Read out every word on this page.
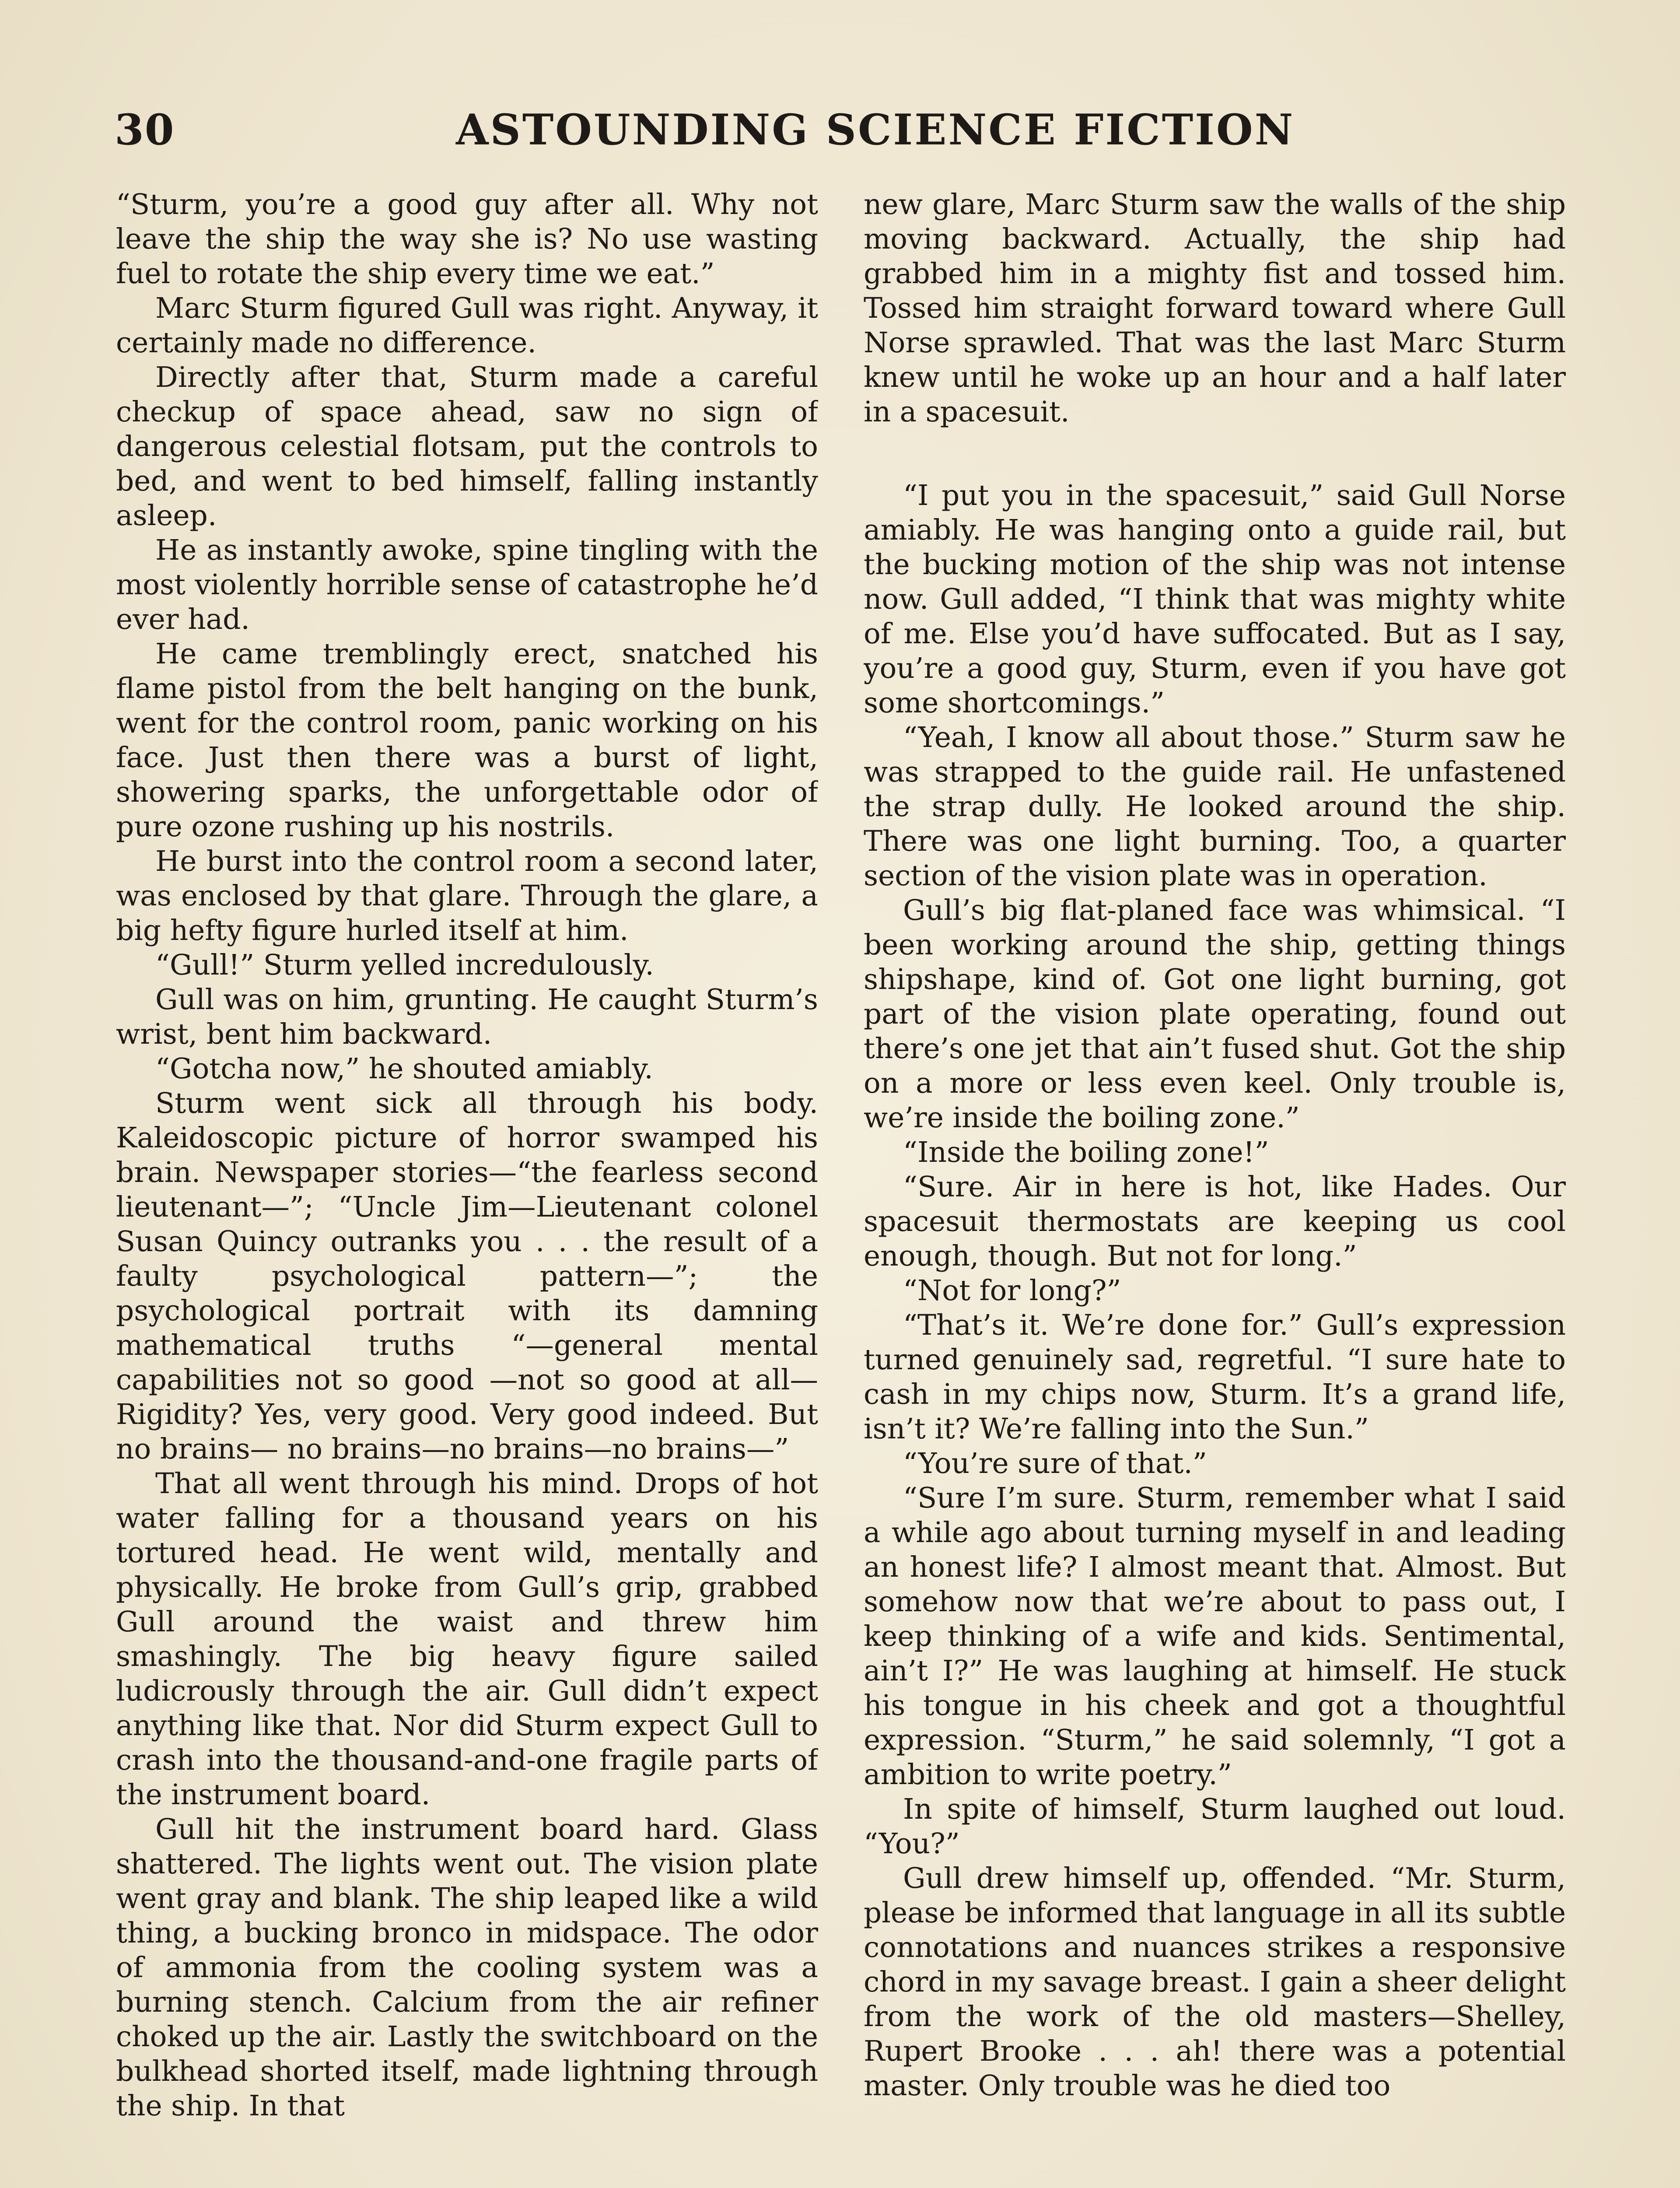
30	ASTOUNDING SCIENCE FICTION

“Sturm, you’re a good guy after all. Why not leave the ship the way she is? No use wasting fuel to rotate the ship every time we eat.”

Marc Sturm figured Gull was right. Anyway, it certainly made no difference.

Directly after that, Sturm made a careful checkup of space ahead, saw no sign of dangerous celestial flotsam, put the controls to bed, and went to bed himself, falling instantly asleep.

He as instantly awoke, spine tingling with the most violently horrible sense of catastrophe he’d ever had.

He came tremblingly erect, snatched his flame pistol from the belt hanging on the bunk, went for the control room, panic working on his face. Just then there was a burst of light, showering sparks, the unforgettable odor of pure ozone rushing up his nostrils.

He burst into the control room a second later, was enclosed by that glare. Through the glare, a big hefty figure hurled itself at him.

“Gull!” Sturm yelled incredulously.

Gull was on him, grunting. He caught Sturm’s wrist, bent him backward.

“Gotcha now,” he shouted amiably.

Sturm went sick all through his body. Kaleidoscopic picture of horror swamped his brain. Newspaper stories—“the fearless second lieutenant—”; “Uncle Jim—Lieutenant colonel Susan Quincy outranks you . . . the result of a faulty psychological pattern—”; the psychological portrait with its damning mathematical truths “—general mental capabilities not so good —not so good at all—Rigidity? Yes, very good. Very good indeed. But no brains— no brains—no brains—no brains—”

That all went through his mind. Drops of hot water falling for a thousand years on his tortured head. He went wild, mentally and physically. He broke from Gull’s grip, grabbed Gull around the waist and threw him smashingly. The big heavy figure sailed ludicrously through the air. Gull didn’t expect anything like that. Nor did Sturm expect Gull to crash into the thousand-and-one fragile parts of the instrument board.

Gull hit the instrument board hard. Glass shattered. The lights went out. The vision plate went gray and blank. The ship leaped like a wild thing, a bucking bronco in midspace. The odor of ammonia from the cooling system was a burning stench. Calcium from the air refiner choked up the air. Lastly the switchboard on the bulkhead shorted itself, made lightning through the ship. In that

new glare, Marc Sturm saw the walls of the ship moving backward. Actually, the ship had grabbed him in a mighty fist and tossed him. Tossed him straight forward toward where Gull Norse sprawled. That was the last Marc Sturm knew until he woke up an hour and a half later in a spacesuit.

“I put you in the spacesuit,” said Gull Norse amiably. He was hanging onto a guide rail, but the bucking motion of the ship was not intense now. Gull added, “I think that was mighty white of me. Else you’d have suffocated. But as I say, you’re a good guy, Sturm, even if you have got some shortcomings.”

“Yeah, I know all about those.” Sturm saw he was strapped to the guide rail. He unfastened the strap dully. He looked around the ship. There was one light burning. Too, a quarter section of the vision plate was in operation.

Gull’s big flat-planed face was whimsical. “I been working around the ship, getting things shipshape, kind of. Got one light burning, got part of the vision plate operating, found out there’s one jet that ain’t fused shut. Got the ship on a more or less even keel. Only trouble is, we’re inside the boiling zone.”

“Inside the boiling zone!”

“Sure. Air in here is hot, like Hades. Our spacesuit thermostats are keeping us cool enough, though. But not for long.”

“Not for long?”

“That’s it. We’re done for.” Gull’s expression turned genuinely sad, regretful. “I sure hate to cash in my chips now, Sturm. It’s a grand life, isn’t it? We’re falling into the Sun.”

“You’re sure of that.”

“Sure I’m sure. Sturm, remember what I said a while ago about turning myself in and leading an honest life? I almost meant that. Almost. But somehow now that we’re about to pass out, I keep thinking of a wife and kids. Sentimental, ain’t I?” He was laughing at himself. He stuck his tongue in his cheek and got a thoughtful expression. “Sturm,” he said solemnly, “I got a ambition to write poetry.”

In spite of himself, Sturm laughed out loud. “You?”

Gull drew himself up, offended. “Mr. Sturm, please be informed that language in all its subtle connotations and nuances strikes a responsive chord in my savage breast. I gain a sheer delight from the work of the old masters—Shelley, Rupert Brooke . . . ah! there was a potential master. Only trouble was he died too
